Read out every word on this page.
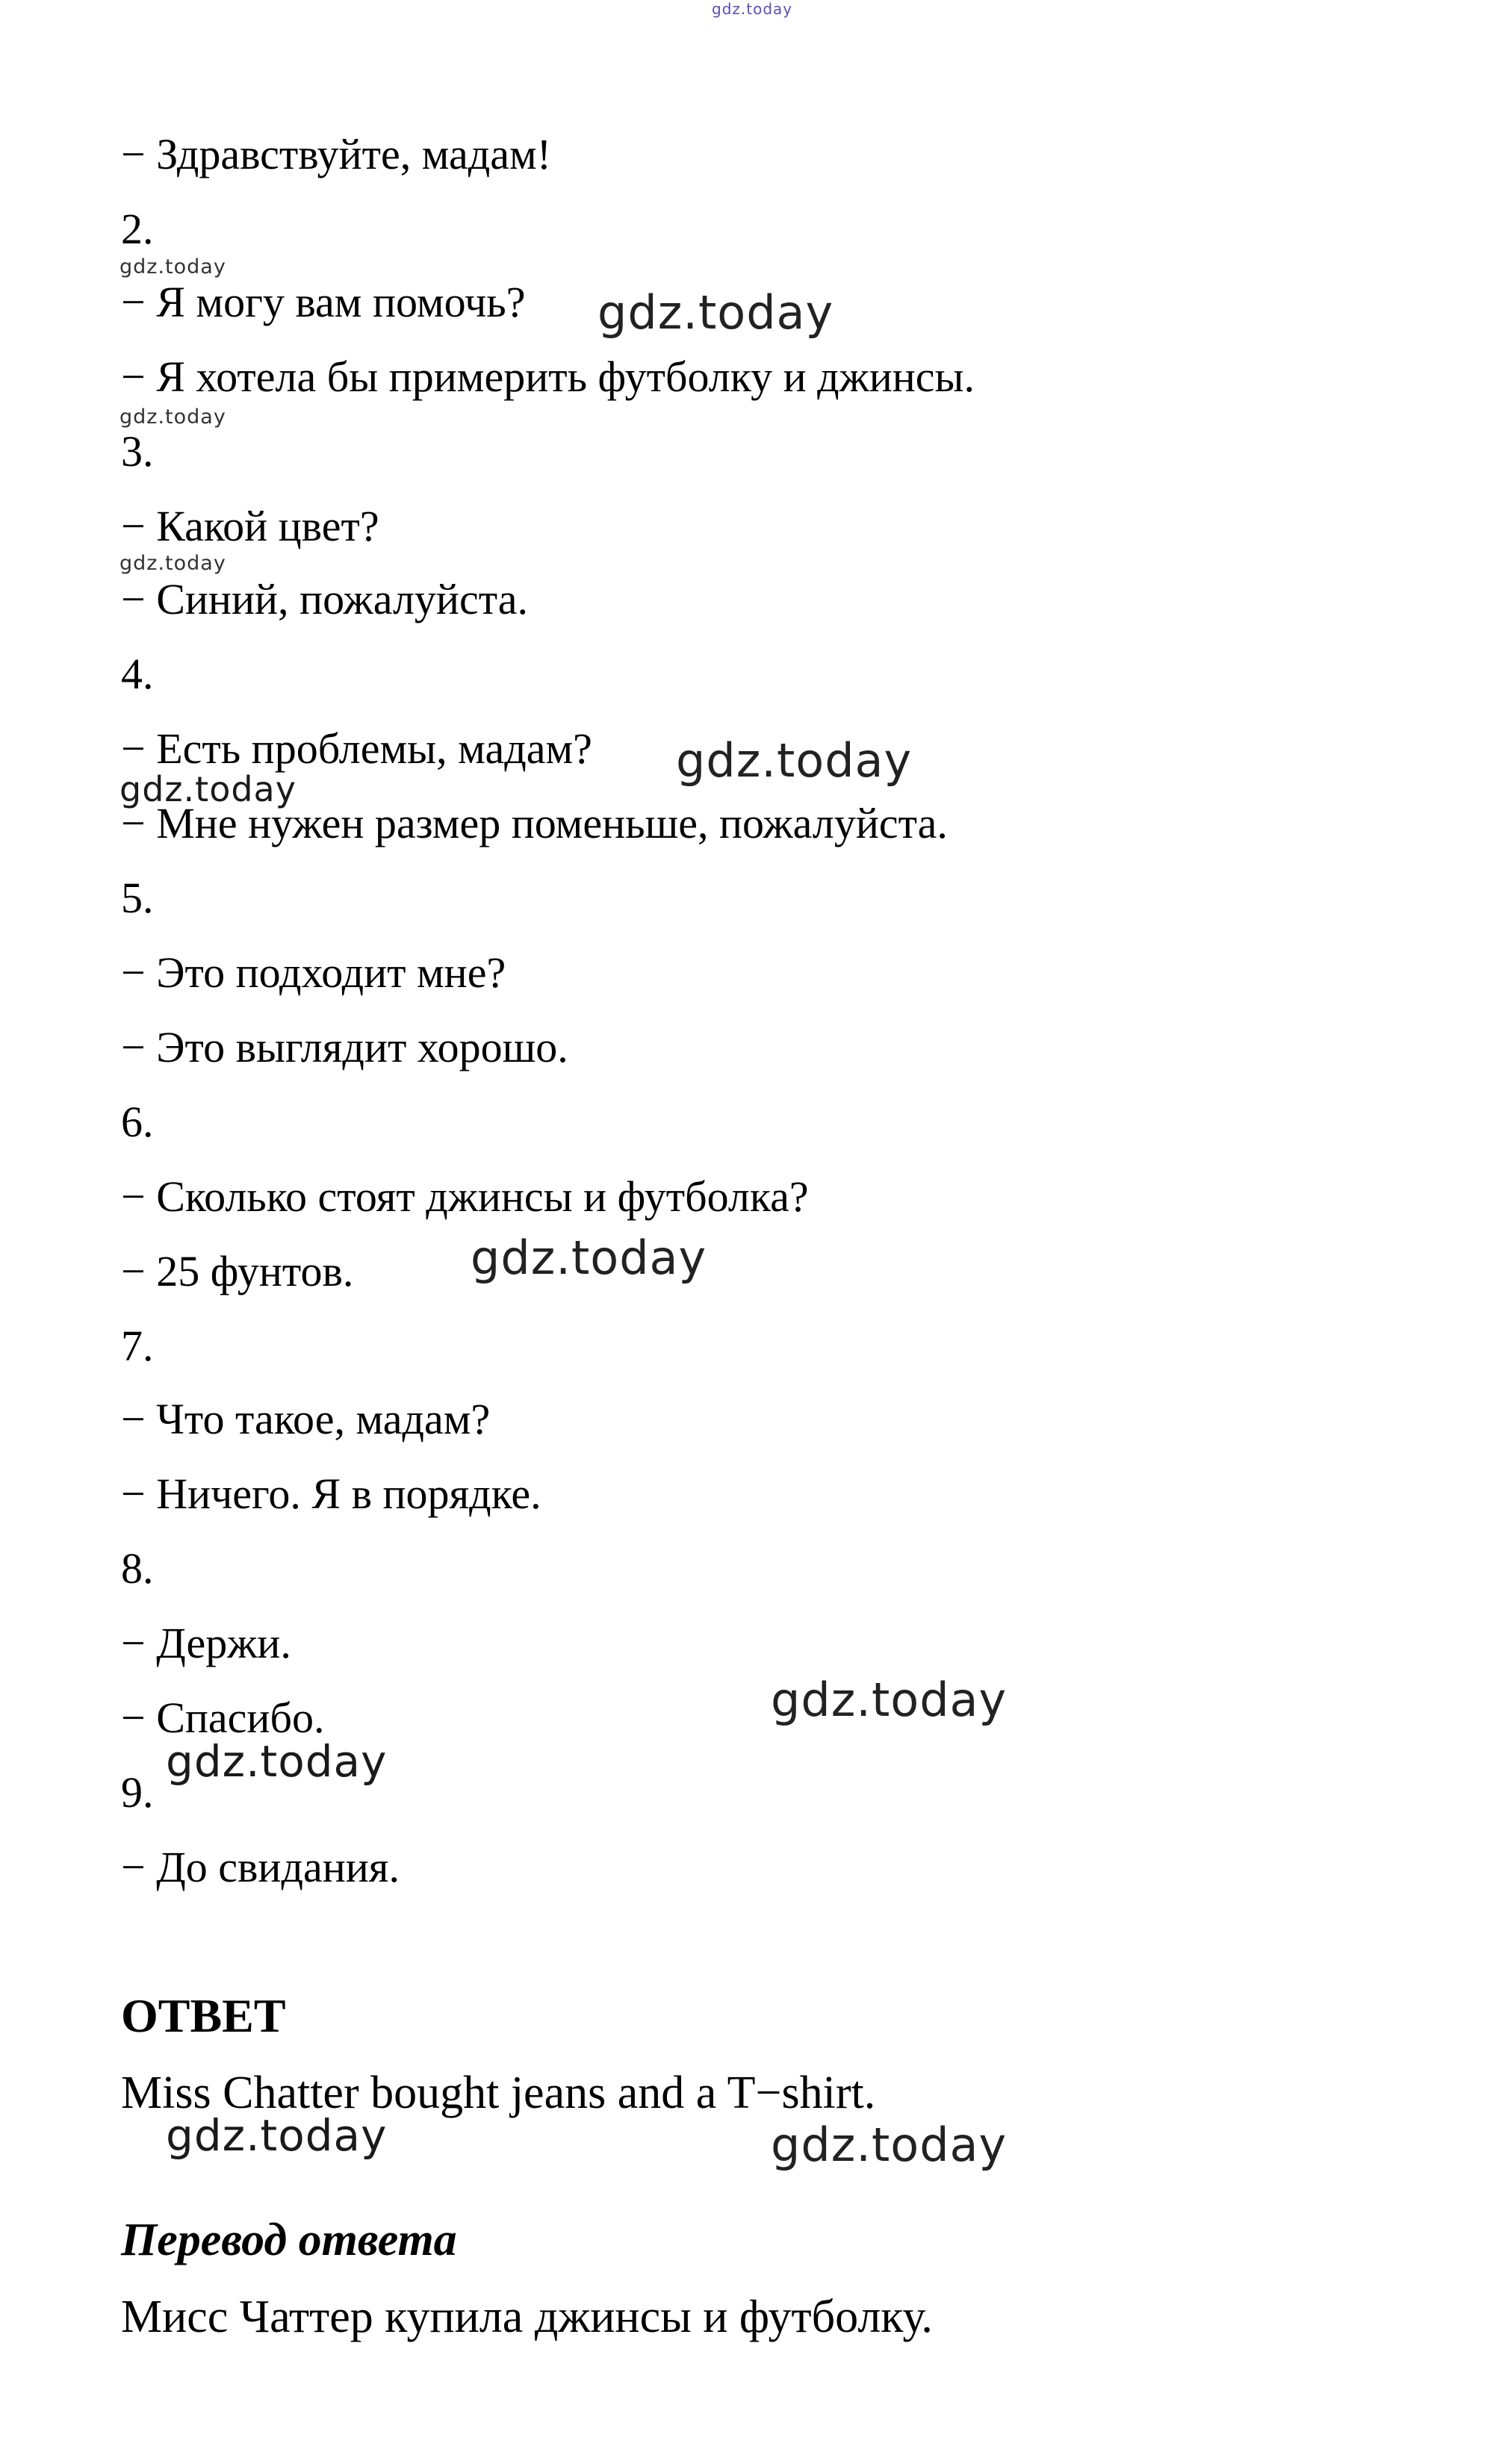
gdz.today
− Здравствуйте, мадам!
2.
− Я могу вам помочь?
− Я хотела бы примерить футболку и джинсы.
3.
− Какой цвет?
− Синий, пожалуйста.
4.
− Есть проблемы, мадам?
− Мне нужен размер поменьше, пожалуйста.
5.
− Это подходит мне?
− Это выглядит хорошо.
6.
− Сколько стоят джинсы и футболка?
− 25 фунтов.
7.
− Что такое, мадам?
− Ничего. Я в порядке.
8.
− Держи.
− Спасибо.
9.
− До свидания.
ОТВЕТ
Miss Chatter bought jeans and a T−shirt.
Перевод ответа
Мисс Чаттер купила джинсы и футболку.
gdz.today
gdz.today
gdz.today
gdz.today
gdz.today
gdz.today
gdz.today
gdz.today
gdz.today
gdz.today	gdz.today
